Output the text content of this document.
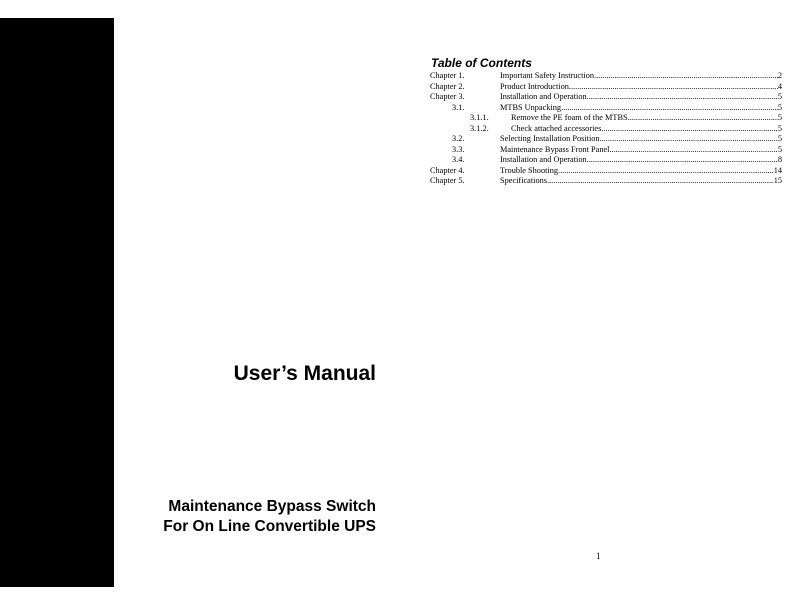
User’s Manual
Maintenance Bypass Switch
For On Line Convertible UPS
Table of Contents
Chapter 1.	Important Safety Instruction .....	2
Chapter 2.	Product Introduction .....	4
Chapter 3.	Installation and Operation .....	5
3.1.	MTBS Unpacking .....	5
3.1.1.	Remove the PE foam of the MTBS. .....	5
3.1.2.	Check attached accessories .....	5
3.2.	Selecting Installation Position .....	5
3.3.	Maintenance Bypass Front Panel .....	5
3.4.	Installation and Operation .....	8
Chapter 4.	Trouble Shooting .....	14
Chapter 5.	Specifications .....	15
1
